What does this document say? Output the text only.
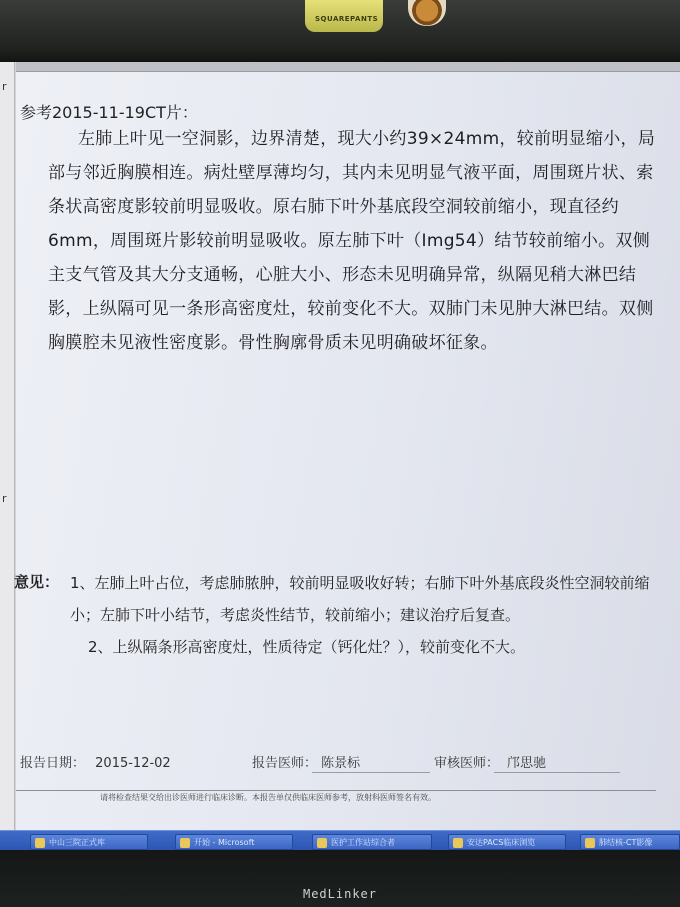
SQUAREPANTS
r
r
参考2015-11-19CT片：

左肺上叶见一空洞影，边界清楚，现大小约39×24mm，较前明显缩小，局部与邻近胸膜相连。病灶壁厚薄均匀，其内未见明显气液平面，周围斑片状、索条状高密度影较前明显吸收。原右肺下叶外基底段空洞较前缩小，现直径约6mm，周围斑片影较前明显吸收。原左肺下叶（Img54）结节较前缩小。双侧主支气管及其大分支通畅，心脏大小、形态未见明确异常，纵隔见稍大淋巴结影，上纵隔可见一条形高密度灶，较前变化不大。双肺门未见肿大淋巴结。双侧胸膜腔未见液性密度影。骨性胸廓骨质未见明确破坏征象。

意见： 1、左肺上叶占位，考虑肺脓肿，较前明显吸收好转；右肺下叶外基底段炎性空洞较前缩小；左肺下叶小结节，考虑炎性结节，较前缩小；建议治疗后复查。

2、上纵隔条形高密度灶，性质待定（钙化灶？），较前变化不大。

报告日期： 2015-12-02	报告医师： 陈景标	审核医师： 邝思驰
请将检查结果交给出诊医师进行临床诊断。本报告单仅供临床医师参考，放射科医师签名有效。
中山三院正式库	开始 - Microsoft	医护工作站综合者	安达PACS临床浏览	肺结核-CT影像
MedLinker
